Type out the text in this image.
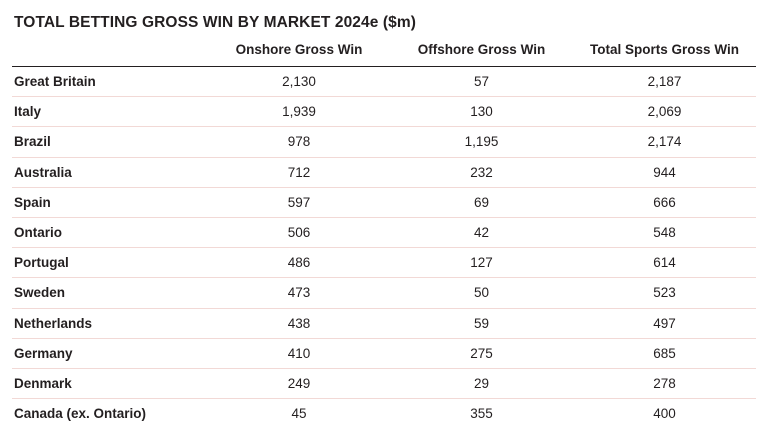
TOTAL BETTING GROSS WIN BY MARKET 2024e ($m)
	Onshore Gross Win	Offshore Gross Win	Total Sports Gross Win
Great Britain	2,130	57	2,187
Italy	1,939	130	2,069
Brazil	978	1,195	2,174
Australia	712	232	944
Spain	597	69	666
Ontario	506	42	548
Portugal	486	127	614
Sweden	473	50	523
Netherlands	438	59	497
Germany	410	275	685
Denmark	249	29	278
Canada (ex. Ontario)	45	355	400
